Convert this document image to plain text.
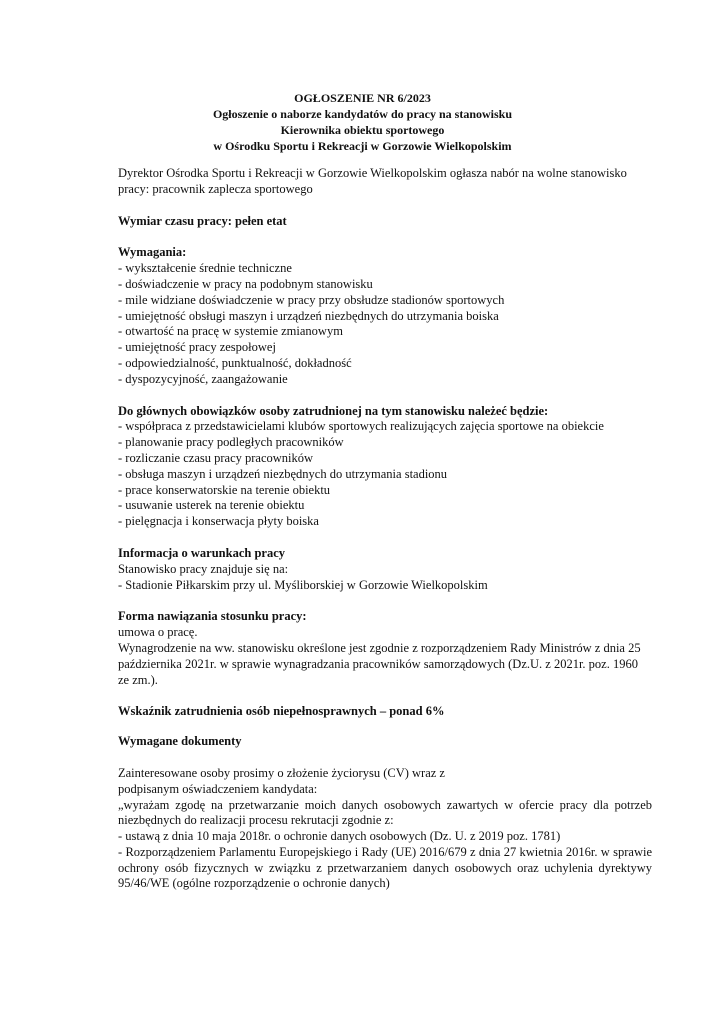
OGŁOSZENIE NR 6/2023
Ogłoszenie o naborze kandydatów do pracy na stanowisku
Kierownika obiektu sportowego
w Ośrodku Sportu i Rekreacji w Gorzowie Wielkopolskim

Dyrektor Ośrodka Sportu i Rekreacji w Gorzowie Wielkopolskim ogłasza nabór na wolne stanowisko pracy: pracownik zaplecza sportowego

Wymiar czasu pracy: pełen etat

Wymagania:

- wykształcenie średnie techniczne
- doświadczenie w pracy na podobnym stanowisku
- mile widziane doświadczenie w pracy przy obsłudze stadionów sportowych
- umiejętność obsługi maszyn i urządzeń niezbędnych do utrzymania boiska
- otwartość na pracę w systemie zmianowym
- umiejętność pracy zespołowej
- odpowiedzialność, punktualność, dokładność
- dyspozycyjność, zaangażowanie

Do głównych obowiązków osoby zatrudnionej na tym stanowisku należeć będzie:

- współpraca z przedstawicielami klubów sportowych realizujących zajęcia sportowe na obiekcie
- planowanie pracy podległych pracowników
- rozliczanie czasu pracy pracowników
- obsługa maszyn i urządzeń niezbędnych do utrzymania stadionu
- prace konserwatorskie na terenie obiektu
- usuwanie usterek na terenie obiektu
- pielęgnacja i konserwacja płyty boiska

Informacja o warunkach pracy

Stanowisko pracy znajduje się na:

- Stadionie Piłkarskim przy ul. Myśliborskiej w Gorzowie Wielkopolskim

Forma nawiązania stosunku pracy:

umowa o pracę.

Wynagrodzenie na ww. stanowisku określone jest zgodnie z rozporządzeniem Rady Ministrów z dnia 25 października 2021r. w sprawie wynagradzania pracowników samorządowych (Dz.U. z 2021r. poz. 1960 ze zm.).

Wskaźnik zatrudnienia osób niepełnosprawnych – ponad 6%

Wymagane dokumenty

Zainteresowane osoby prosimy o złożenie życiorysu (CV) wraz z

podpisanym oświadczeniem kandydata:

„wyrażam zgodę na przetwarzanie moich danych osobowych zawartych w ofercie pracy dla potrzeb niezbędnych do realizacji procesu rekrutacji zgodnie z:

- ustawą z dnia 10 maja 2018r. o ochronie danych osobowych (Dz. U. z 2019 poz. 1781)
- Rozporządzeniem Parlamentu Europejskiego i Rady (UE) 2016/679 z dnia 27 kwietnia 2016r. w sprawie ochrony osób fizycznych w związku z przetwarzaniem danych osobowych oraz uchylenia dyrektywy 95/46/WE (ogólne rozporządzenie o ochronie danych)
